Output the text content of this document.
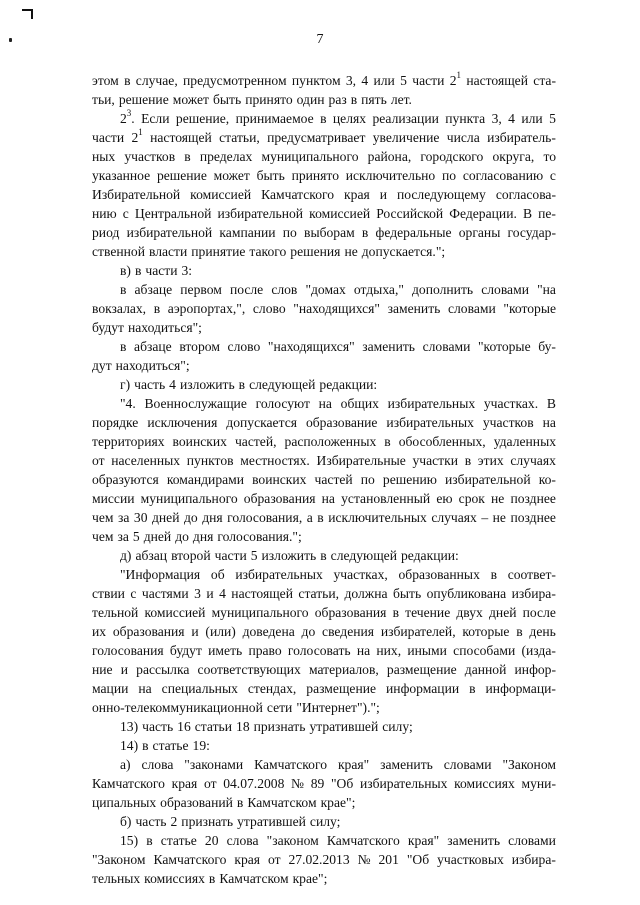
7
этом в случае, предусмотренном пунктом 3, 4 или 5 части $2^1$ настоящей ста-
тьи, решение может быть принято один раз в пять лет.
$2^3$. Если решение, принимаемое в целях реализации пункта 3, 4 или 5
части $2^1$ настоящей статьи, предусматривает увеличение числа избиратель-
ных участков в пределах муниципального района, городского округа, то
указанное решение может быть принято исключительно по согласованию с
Избирательной комиссией Камчатского края и последующему согласова-
нию с Центральной избирательной комиссией Российской Федерации. В пе-
риод избирательной кампании по выборам в федеральные органы государ-
ственной власти принятие такого решения не допускается.";
в) в части 3:
в абзаце первом после слов "домах отдыха," дополнить словами "на
вокзалах, в аэропортах,", слово "находящихся" заменить словами "которые
будут находиться";
в абзаце втором слово "находящихся" заменить словами "которые бу-
дут находиться";
г) часть 4 изложить в следующей редакции:
"4. Военнослужащие голосуют на общих избирательных участках. В
порядке исключения допускается образование избирательных участков на
территориях воинских частей, расположенных в обособленных, удаленных
от населенных пунктов местностях. Избирательные участки в этих случаях
образуются командирами воинских частей по решению избирательной ко-
миссии муниципального образования на установленный ею срок не позднее
чем за 30 дней до дня голосования, а в исключительных случаях – не позднее
чем за 5 дней до дня голосования.";
д) абзац второй части 5 изложить в следующей редакции:
"Информация об избирательных участках, образованных в соответ-
ствии с частями 3 и 4 настоящей статьи, должна быть опубликована избира-
тельной комиссией муниципального образования в течение двух дней после
их образования и (или) доведена до сведения избирателей, которые в день
голосования будут иметь право голосовать на них, иными способами (изда-
ние и рассылка соответствующих материалов, размещение данной инфор-
мации на специальных стендах, размещение информации в информаци-
онно-телекоммуникационной сети "Интернет").";
13) часть 16 статьи 18 признать утратившей силу;
14) в статье 19:
а) слова "законами Камчатского края" заменить словами "Законом
Камчатского края от 04.07.2008 № 89 "Об избирательных комиссиях муни-
ципальных образований в Камчатском крае";
б) часть 2 признать утратившей силу;
15) в статье 20 слова "законом Камчатского края" заменить словами
"Законом Камчатского края от 27.02.2013 № 201 "Об участковых избира-
тельных комиссиях в Камчатском крае";
